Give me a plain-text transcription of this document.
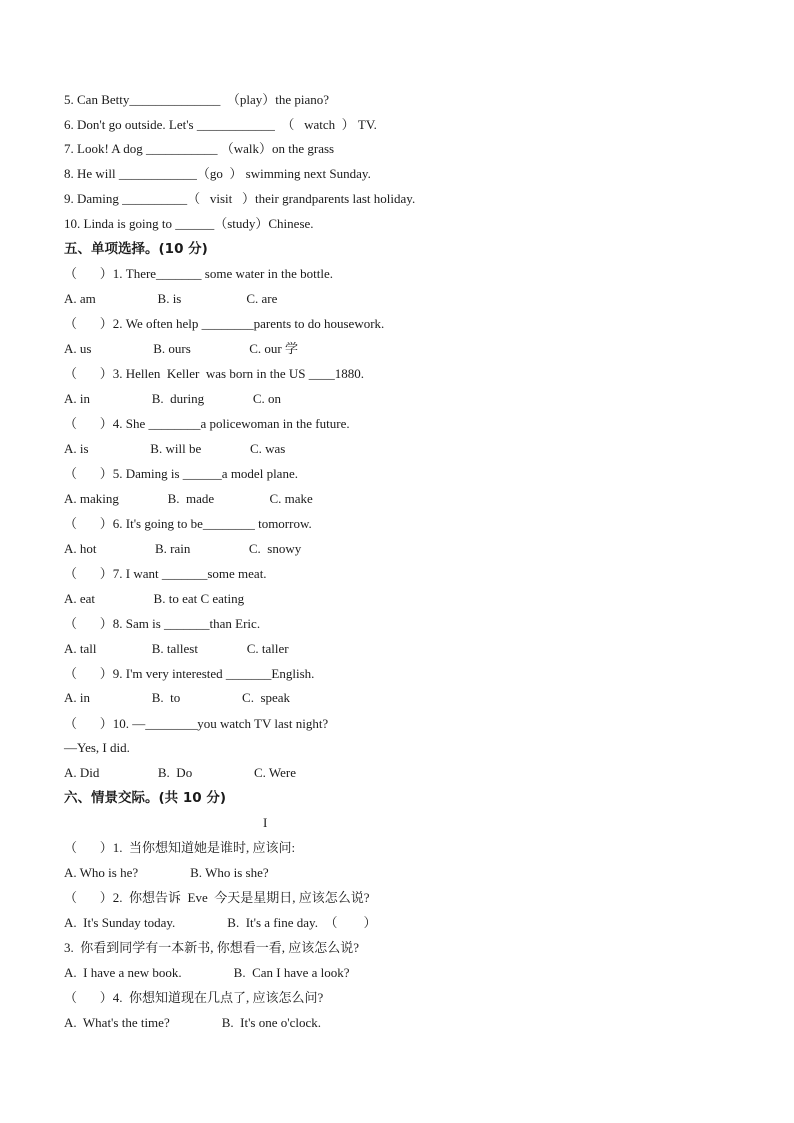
5. Can Betty______________  （play）the piano?
6. Don't go outside. Let's ____________  （   watch  ） TV.
7. Look! A dog ___________ （walk）on the grass
8. He will ____________（go  ） swimming next Sunday.
9. Daming __________（   visit   ）their grandparents last holiday.
10. Linda is going to ______（study）Chinese.
五、单项选择。(10 分)
（       ）1. There_______ some water in the bottle.
A. am                   B. is                    C. are
（       ）2. We often help ________parents to do housework.
A. us                   B. ours                  C. our 学
（       ）3. Hellen  Keller  was born in the US ____1880.
A. in                   B.  during               C. on
（       ）4. She ________a policewoman in the future.
A. is                   B. will be               C. was
（       ）5. Daming is ______a model plane.
A. making               B.  made                 C. make
（       ）6. It's going to be________ tomorrow.
A. hot                  B. rain                  C.  snowy
（       ）7. I want _______some meat.
A. eat                  B. to eat C eating
（       ）8. Sam is _______than Eric.
A. tall                 B. tallest               C. taller
（       ）9. I'm very interested _______English.
A. in                   B.  to                   C.  speak
（       ）10. —________you watch TV last night?
—Yes, I did.
A. Did                  B.  Do                   C. Were
六、情景交际。(共 10 分)
I
（       ）1.  当你想知道她是谁时, 应该问:
A. Who is he?                B. Who is she?
（       ）2.  你想告诉  Eve  今天是星期日, 应该怎么说?
A.  It's Sunday today.                B.  It's a fine day.  （        ）
3.  你看到同学有一本新书, 你想看一看, 应该怎么说?
A.  I have a new book.                B.  Can I have a look?
（       ）4.  你想知道现在几点了, 应该怎么问?
A.  What's the time?                B.  It's one o'clock.
